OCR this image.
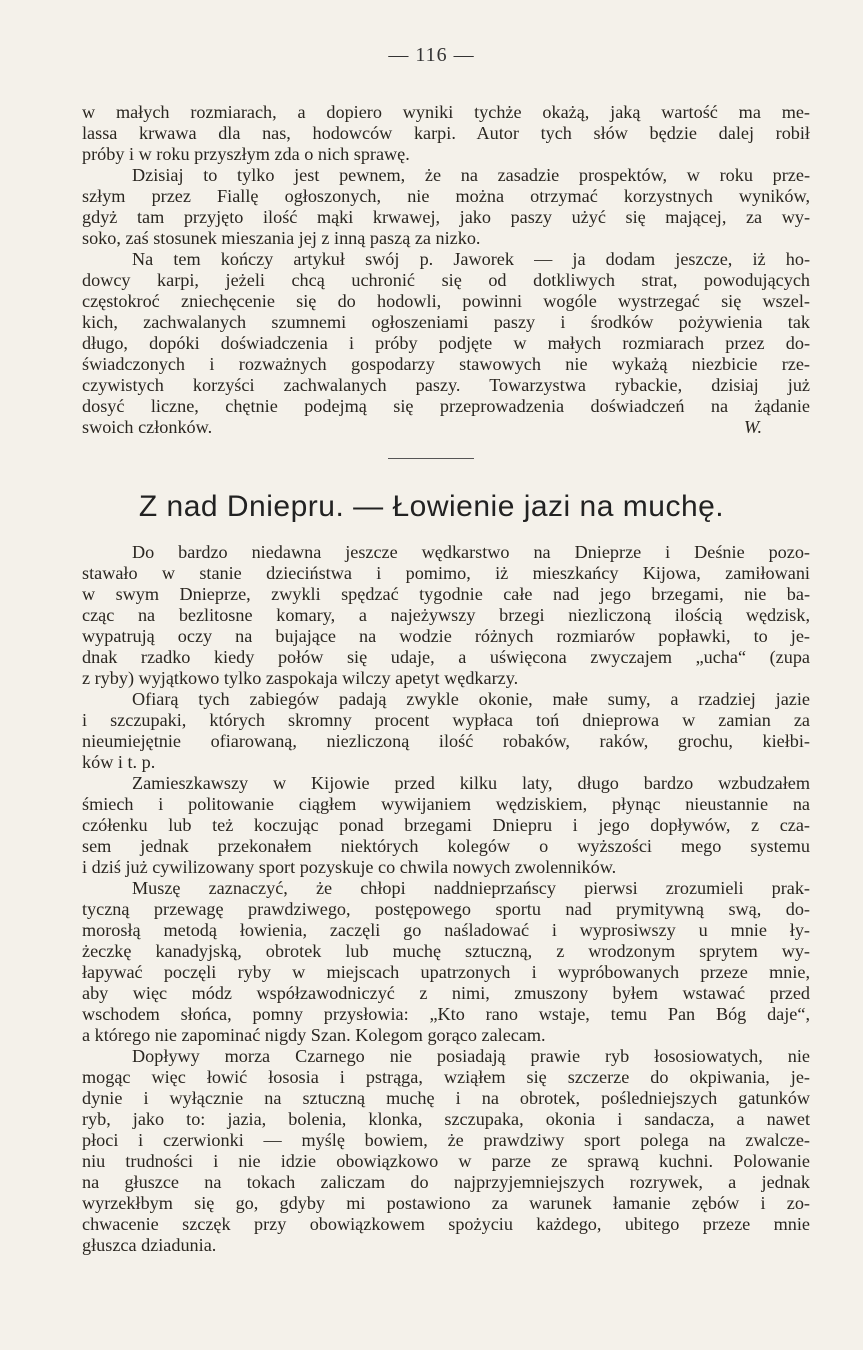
— 116 —
w małych rozmiarach, a dopiero wyniki tychże okażą, jaką wartość ma me-
lassa krwawa dla nas, hodowców karpi. Autor tych słów będzie dalej robił
próby i w roku przyszłym zda o nich sprawę.
Dzisiaj to tylko jest pewnem, że na zasadzie prospektów, w roku prze-
szłym przez Fiallę ogłoszonych, nie można otrzymać korzystnych wyników,
gdyż tam przyjęto ilość mąki krwawej, jako paszy użyć się mającej, za wy-
soko, zaś stosunek mieszania jej z inną paszą za nizko.
Na tem kończy artykuł swój p. Jaworek — ja dodam jeszcze, iż ho-
dowcy karpi, jeżeli chcą uchronić się od dotkliwych strat, powodujących
częstokroć zniechęcenie się do hodowli, powinni wogóle wystrzegać się wszel-
kich, zachwalanych szumnemi ogłoszeniami paszy i środków pożywienia tak
długo, dopóki doświadczenia i próby podjęte w małych rozmiarach przez do-
świadczonych i rozważnych gospodarzy stawowych nie wykażą niezbicie rze-
czywistych korzyści zachwalanych paszy. Towarzystwa rybackie, dzisiaj już
dosyć liczne, chętnie podejmą się przeprowadzenia doświadczeń na żądanie
swoich członków.	W.
Z nad Dniepru. — Łowienie jazi na muchę.
Do bardzo niedawna jeszcze wędkarstwo na Dnieprze i Deśnie pozo-
stawało w stanie dzieciństwa i pomimo, iż mieszkańcy Kijowa, zamiłowani
w swym Dnieprze, zwykli spędzać tygodnie całe nad jego brzegami, nie ba-
cząc na bezlitosne komary, a najeżywszy brzegi niezliczoną ilością wędzisk,
wypatrują oczy na bujające na wodzie różnych rozmiarów popławki, to je-
dnak rzadko kiedy połów się udaje, a uświęcona zwyczajem „ucha“ (zupa
z ryby) wyjątkowo tylko zaspokaja wilczy apetyt wędkarzy.
Ofiarą tych zabiegów padają zwykle okonie, małe sumy, a rzadziej jazie
i szczupaki, których skromny procent wypłaca toń dnieprowa w zamian za
nieumiejętnie ofiarowaną, niezliczoną ilość robaków, raków, grochu, kiełbi-
ków i t. p.
Zamieszkawszy w Kijowie przed kilku laty, długo bardzo wzbudzałem
śmiech i politowanie ciągłem wywijaniem wędziskiem, płynąc nieustannie na
czółenku lub też koczując ponad brzegami Dniepru i jego dopływów, z cza-
sem jednak przekonałem niektórych kolegów o wyższości mego systemu
i dziś już cywilizowany sport pozyskuje co chwila nowych zwolenników.
Muszę zaznaczyć, że chłopi naddnieprzańscy pierwsi zrozumieli prak-
tyczną przewagę prawdziwego, postępowego sportu nad prymitywną swą, do-
morosłą metodą łowienia, zaczęli go naśladować i wyprosiwszy u mnie ły-
żeczkę kanadyjską, obrotek lub muchę sztuczną, z wrodzonym sprytem wy-
łapywać poczęli ryby w miejscach upatrzonych i wypróbowanych przeze mnie,
aby więc módz współzawodniczyć z nimi, zmuszony byłem wstawać przed
wschodem słońca, pomny przysłowia: „Kto rano wstaje, temu Pan Bóg daje“,
a którego nie zapominać nigdy Szan. Kolegom gorąco zalecam.
Dopływy morza Czarnego nie posiadają prawie ryb łososiowatych, nie
mogąc więc łowić łososia i pstrąga, wziąłem się szczerze do okpiwania, je-
dynie i wyłącznie na sztuczną muchę i na obrotek, pośledniejszych gatunków
ryb, jako to: jazia, bolenia, klonka, szczupaka, okonia i sandacza, a nawet
płoci i czerwionki — myślę bowiem, że prawdziwy sport polega na zwalcze-
niu trudności i nie idzie obowiązkowo w parze ze sprawą kuchni. Polowanie
na głuszce na tokach zaliczam do najprzyjemniejszych rozrywek, a jednak
wyrzekłbym się go, gdyby mi postawiono za warunek łamanie zębów i zo-
chwacenie szczęk przy obowiązkowem spożyciu każdego, ubitego przeze mnie
głuszca dziadunia.
